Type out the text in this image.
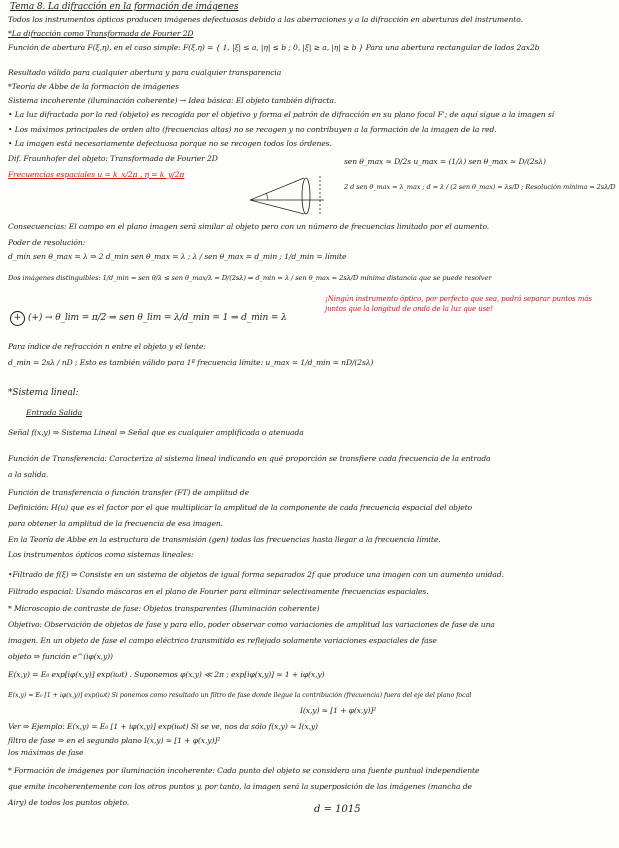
Tema 8. La difracción en la formación de imágenes
Todos los instrumentos ópticos producen imágenes defectuosas debido a las aberraciones y a la difracción en aberturas del instrumento.
*La difracción como Transformada de Fourier 2D
Función de abertura F(ξ,η), en el caso simple: F(ξ,η) = { 1, |ξ| ≤ a, |η| ≤ b ; 0, |ξ| ≥ a, |η| ≥ b } Para una abertura rectangular de lados 2ax2b
Resultado válido para cualquier abertura y para cualquier transparencia
*Teoría de Abbe de la formación de imágenes
Sistema incoherente (iluminación coherente) → Idea básica: El objeto también difracta.
• La luz difractada por la red (objeto) es recogida por el objetivo y forma el patrón de difracción en su plano focal F'; de aquí sigue a la imagen sí
• Los máximos principales de orden alto (frecuencias altas) no se recogen y no contribuyen a la formación de la imagen de la red.
• La imagen está necesariamente defectuosa porque no se recogen todos los órdenes.
Dif. Fraunhofer del objeto: Transformada de Fourier 2D
Frecuencias espaciales u = k_x/2π , η = k_y/2π
sen θ_max ≈ D/2s u_max = (1/λ) sen θ_max ≈ D/(2sλ)
2 d sen θ_max = λ_max ; d = λ / (2 sen θ_max) = λs/D ; Resolución mínima = 2sλ/D
Consecuencias: El campo en el plano imagen será similar al objeto pero con un número de frecuencias limitado por el aumento.
Poder de resolución:
d_min sen θ_max = λ ⇒ 2 d_min sen θ_max = λ ; λ / sen θ_max = d_min ; 1/d_min = límite
Dos imágenes distinguibles: 1/d_min = sen θ/λ ≤ sen θ_max/λ = D/(2sλ) ⇒ d_min = λ / sen θ_max = 2sλ/D mínima distancia que se puede resolver
+ (+) → θ_lim = π/2 ⇒ sen θ_lim = λ/d_min = 1 ⇒ d_min = λ
¡Ningún instrumento óptico, por perfecto que sea, podrá separar puntos más juntos que la longitud de onda de la luz que use!
Para índice de refracción n entre el objeto y el lente:
d_min = 2sλ / nD ; Esto es también válido para 1ª frecuencia límite: u_max = 1/d_min = nD/(2sλ)
*Sistema lineal:
Entrada Salida
Señal f(x,y) ⇒ Sistema Lineal ⇒ Señal que es cualquier amplificada o atenuada
Función de Transferencia: Caracteriza al sistema lineal indicando en qué proporción se transfiere cada frecuencia de la entrada
a la salida.
Función de transferencia o función transfer (FT) de amplitud de
Definición: H(u) que es el factor por el que multiplicar la amplitud de la componente de cada frecuencia espacial del objeto
para obtener la amplitud de la frecuencia de esa imagen.
En la Teoría de Abbe en la estructura de transmisión (gen) todas las frecuencias hasta llegar a la frecuencia límite.
Los instrumentos ópticos como sistemas lineales:
•Filtrado de f(ξ) ⇒ Consiste en un sistema de objetos de igual forma separados 2f que produce una imagen con un aumento unidad.
Filtrado espacial: Usando máscaras en el plano de Fourier para eliminar selectivamente frecuencias espaciales.
* Microscopio de contraste de fase: Objetos transparentes (Iluminación coherente)
Objetivo: Observación de objetos de fase y para ello, poder observar como variaciones de amplitud las variaciones de fase de una
imagen. En un objeto de fase el campo eléctrico transmitido es reflejado solamente variaciones espaciales de fase
objeto ⇒ función e^(iφ(x,y))
E(x,y) = E₀ exp[iφ(x,y)] exp(iωt) . Suponemos φ(x,y) ≪ 2π ; exp[iφ(x,y)] ≈ 1 + iφ(x,y)
E(x,y) ≈ E₀ [1 + iφ(x,y)] exp(iωt) Si ponemos como resultado un filtro de fase donde llegue la contribución (frecuencia) fuera del eje del plano focal
I(x,y) ≈ [1 + φ(x,y)]²
Ver ⇒ Ejemplo: E(x,y) = E₀ [1 + iφ(x,y)] exp(iωt) Si se ve, nos da sólo f(x,y) ≈ I(x,y)
filtro de fase ⇒ en el segundo plano I(x,y) ≈ [1 + φ(x,y)]²
los máximos de fase
* Formación de imágenes por iluminación incoherente: Cada punto del objeto se considera una fuente puntual independiente
que emite incoherentemente con los otros puntos y, por tanto, la imagen será la superposición de las imágenes (mancha de
Airy) de todos los puntos objeto.
d = 1015
